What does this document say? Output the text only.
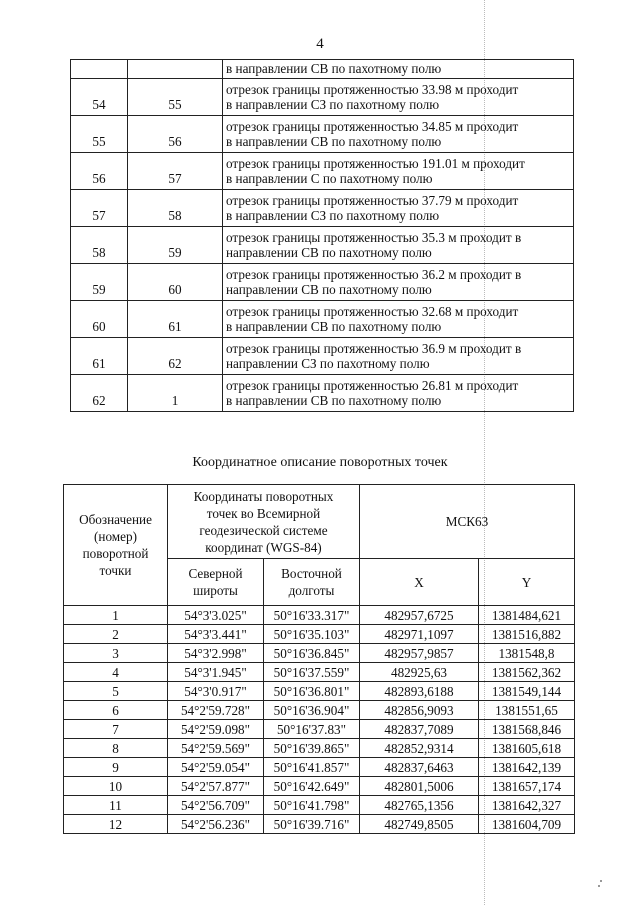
4

		в направлении СВ по пахотному полю

54	55	отрезок границы протяженностью 33.98 м проходит
в направлении СЗ по пахотному полю

55	56	отрезок границы протяженностью 34.85 м проходит
в направлении СВ по пахотному полю

56	57	отрезок границы протяженностью 191.01 м проходит
в направлении С по пахотному полю

57	58	отрезок границы протяженностью 37.79 м проходит
в направлении СЗ по пахотному полю

58	59	отрезок границы протяженностью 35.3 м проходит в
направлении СВ по пахотному полю

59	60	отрезок границы протяженностью 36.2 м проходит в
направлении СВ по пахотному полю

60	61	отрезок границы протяженностью 32.68 м проходит
в направлении СВ по пахотному полю

61	62	отрезок границы протяженностью 36.9 м проходит в
направлении СЗ по пахотному полю

62	1	отрезок границы протяженностью 26.81 м проходит
в направлении СВ по пахотному полю
Координатное описание поворотных точек
Обозначение (номер) поворотной точки	Координаты поворотных точек во Всемирной геодезической системе координат (WGS-84)		МСК63	
	Северной широты	Восточной долготы	X	Y
1	54°3'3.025"	50°16'33.317"	482957,6725	1381484,621
2	54°3'3.441"	50°16'35.103"	482971,1097	1381516,882
3	54°3'2.998"	50°16'36.845"	482957,9857	1381548,8
4	54°3'1.945"	50°16'37.559"	482925,63	1381562,362
5	54°3'0.917"	50°16'36.801"	482893,6188	1381549,144
6	54°2'59.728"	50°16'36.904"	482856,9093	1381551,65
7	54°2'59.098"	50°16'37.83"	482837,7089	1381568,846
8	54°2'59.569"	50°16'39.865"	482852,9314	1381605,618
9	54°2'59.054"	50°16'41.857"	482837,6463	1381642,139
10	54°2'57.877"	50°16'42.649"	482801,5006	1381657,174
11	54°2'56.709"	50°16'41.798"	482765,1356	1381642,327
12	54°2'56.236"	50°16'39.716"	482749,8505	1381604,709
